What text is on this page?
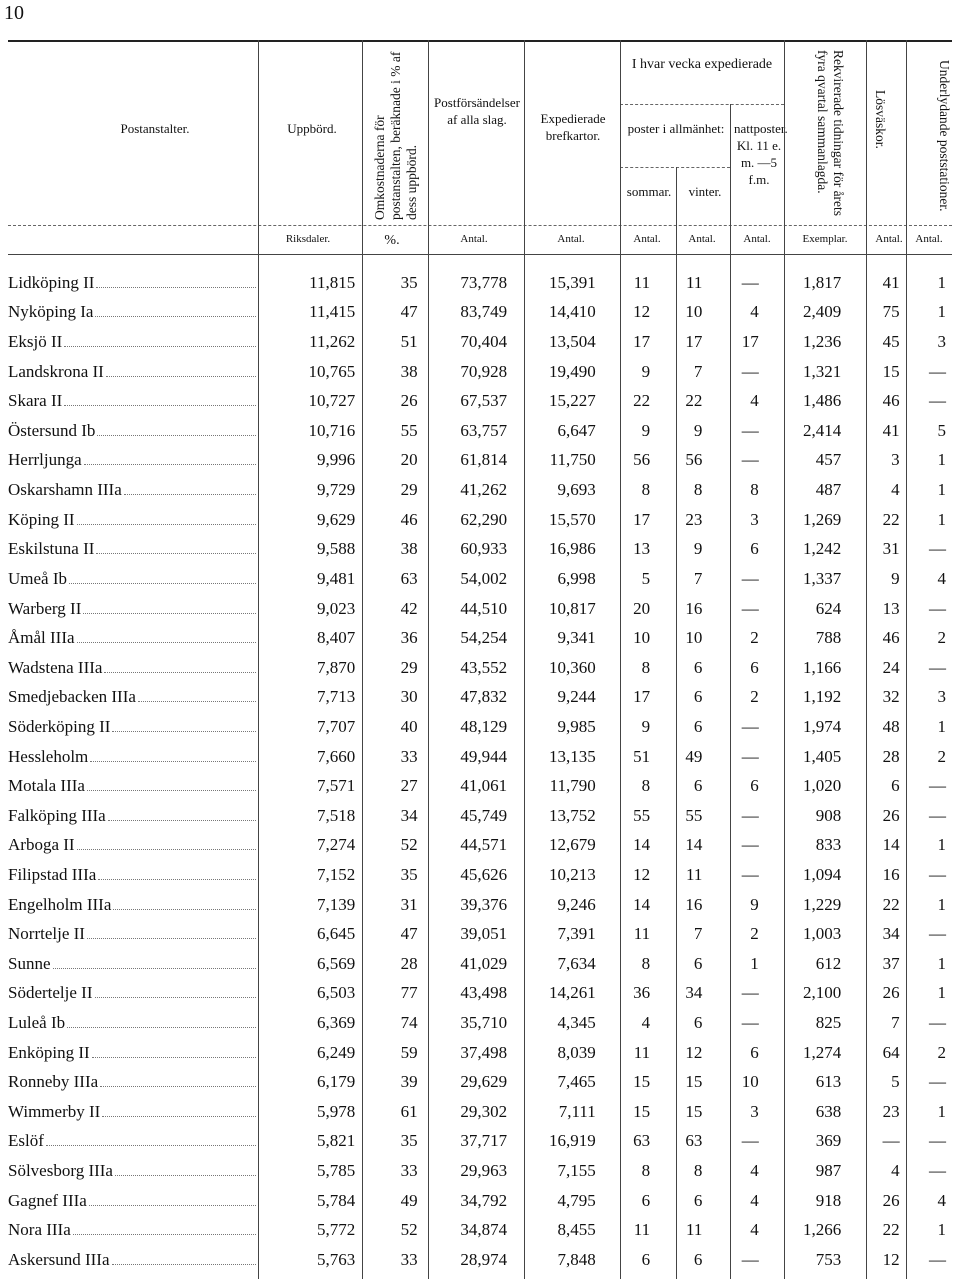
10
Postanstalter.	Uppbörd.	Omkostnaderna för postanstalten, beräknade i % af dess uppbörd.
Postförsändelser af alla slag.	Expedierade brefkartor.
I hvar vecka expedierade
poster i allmänhet:
sommar.	vinter.
nattposter. Kl. 11 e. m. —5 f.m.	Rekvirerade tidningar för årets fyra qvartal sammanlagda.	Lösväskor.	Underlydande poststationer.
Riksdaler.	%.	Antal.	Antal.	Antal.	Antal.	Antal.	Exemplar.	Antal.	Antal.
Lidköping II	11,815	35	73,778	15,391	11	11	—	1,817	41	1

Nyköping Ia	11,415	47	83,749	14,410	12	10	4	2,409	75	1

Eksjö II	11,262	51	70,404	13,504	17	17	17	1,236	45	3

Landskrona II	10,765	38	70,928	19,490	9	7	—	1,321	15	—

Skara II	10,727	26	67,537	15,227	22	22	4	1,486	46	—

Östersund Ib	10,716	55	63,757	6,647	9	9	—	2,414	41	5

Herrljunga	9,996	20	61,814	11,750	56	56	—	457	3	1

Oskarshamn IIIa	9,729	29	41,262	9,693	8	8	8	487	4	1

Köping II	9,629	46	62,290	15,570	17	23	3	1,269	22	1

Eskilstuna II	9,588	38	60,933	16,986	13	9	6	1,242	31	—

Umeå Ib	9,481	63	54,002	6,998	5	7	—	1,337	9	4

Warberg II	9,023	42	44,510	10,817	20	16	—	624	13	—

Åmål IIIa	8,407	36	54,254	9,341	10	10	2	788	46	2

Wadstena IIIa	7,870	29	43,552	10,360	8	6	6	1,166	24	—

Smedjebacken IIIa	7,713	30	47,832	9,244	17	6	2	1,192	32	3

Söderköping II	7,707	40	48,129	9,985	9	6	—	1,974	48	1

Hessleholm	7,660	33	49,944	13,135	51	49	—	1,405	28	2

Motala IIIa	7,571	27	41,061	11,790	8	6	6	1,020	6	—

Falköping IIIa	7,518	34	45,749	13,752	55	55	—	908	26	—

Arboga II	7,274	52	44,571	12,679	14	14	—	833	14	1

Filipstad IIIa	7,152	35	45,626	10,213	12	11	—	1,094	16	—

Engelholm IIIa	7,139	31	39,376	9,246	14	16	9	1,229	22	1

Norrtelje II	6,645	47	39,051	7,391	11	7	2	1,003	34	—

Sunne	6,569	28	41,029	7,634	8	6	1	612	37	1

Södertelje II	6,503	77	43,498	14,261	36	34	—	2,100	26	1

Luleå Ib	6,369	74	35,710	4,345	4	6	—	825	7	—

Enköping II	6,249	59	37,498	8,039	11	12	6	1,274	64	2

Ronneby IIIa	6,179	39	29,629	7,465	15	15	10	613	5	—

Wimmerby II	5,978	61	29,302	7,111	15	15	3	638	23	1

Eslöf	5,821	35	37,717	16,919	63	63	—	369	—	—

Sölvesborg IIIa	5,785	33	29,963	7,155	8	8	4	987	4	—

Gagnef IIIa	5,784	49	34,792	4,795	6	6	4	918	26	4

Nora IIIa	5,772	52	34,874	8,455	11	11	4	1,266	22	1

Askersund IIIa	5,763	33	28,974	7,848	6	6	—	753	12	—
